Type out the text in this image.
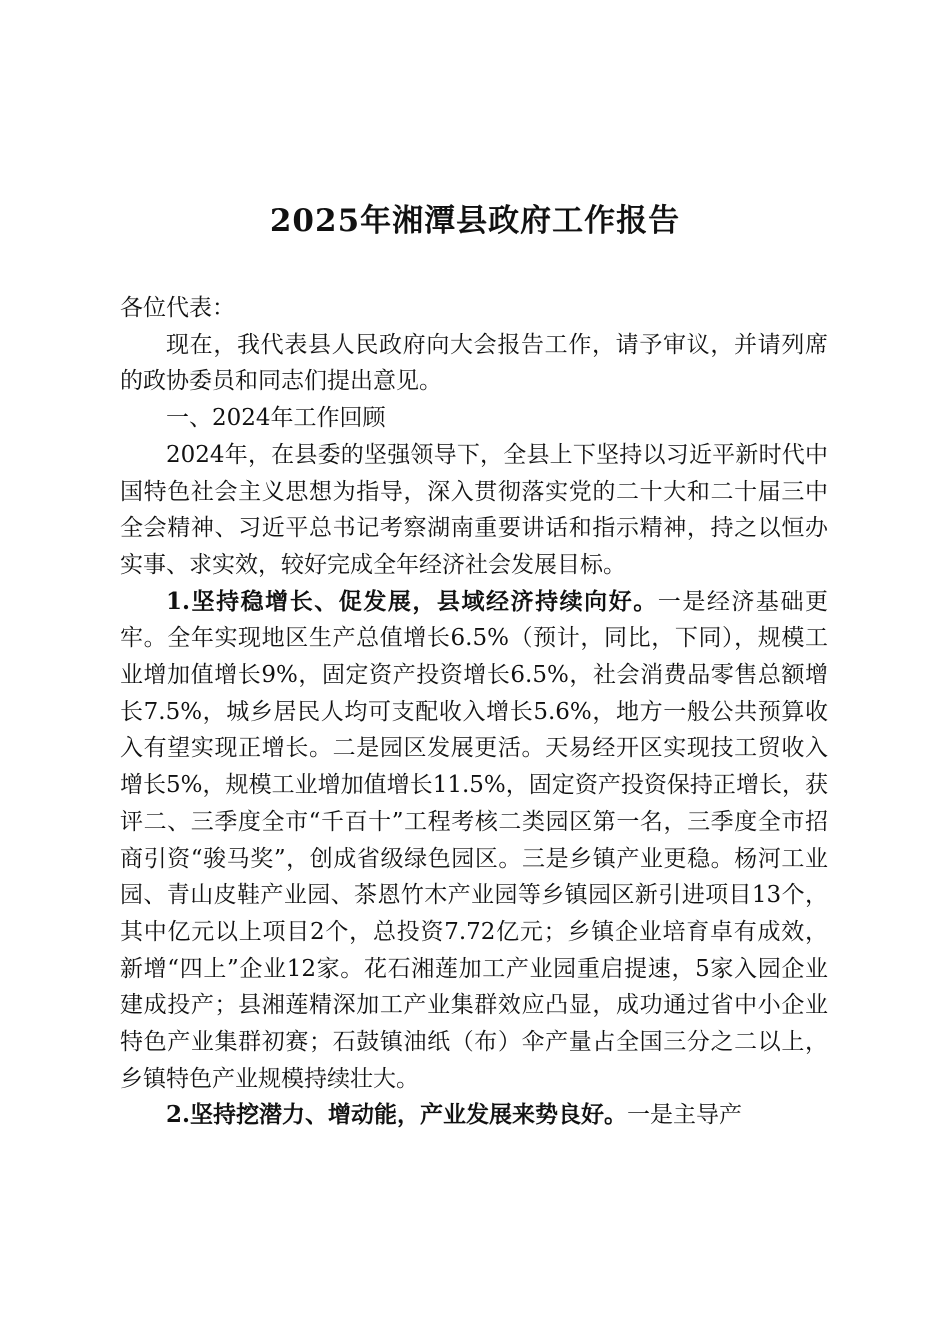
2025年湘潭县政府工作报告

各位代表：

现在，我代表县人民政府向大会报告工作，请予审议，并请列席的政协委员和同志们提出意见。

一、2024年工作回顾

2024年，在县委的坚强领导下，全县上下坚持以习近平新时代中国特色社会主义思想为指导，深入贯彻落实党的二十大和二十届三中全会精神、习近平总书记考察湖南重要讲话和指示精神，持之以恒办实事、求实效，较好完成全年经济社会发展目标。

1.坚持稳增长、促发展，县域经济持续向好。一是经济基础更牢。全年实现地区生产总值增长6.5%（预计，同比，下同），规模工业增加值增长9%，固定资产投资增长6.5%，社会消费品零售总额增长7.5%，城乡居民人均可支配收入增长5.6%，地方一般公共预算收入有望实现正增长。二是园区发展更活。天易经开区实现技工贸收入增长5%，规模工业增加值增长11.5%，固定资产投资保持正增长，获评二、三季度全市“千百十”工程考核二类园区第一名，三季度全市招商引资“骏马奖”，创成省级绿色园区。三是乡镇产业更稳。杨河工业园、青山皮鞋产业园、茶恩竹木产业园等乡镇园区新引进项目13个，其中亿元以上项目2个，总投资7.72亿元；乡镇企业培育卓有成效，新增“四上”企业12家。花石湘莲加工产业园重启提速，5家入园企业建成投产；县湘莲精深加工产业集群效应凸显，成功通过省中小企业特色产业集群初赛；石鼓镇油纸（布）伞产量占全国三分之二以上，乡镇特色产业规模持续壮大。

2.坚持挖潜力、增动能，产业发展来势良好。一是主导产
